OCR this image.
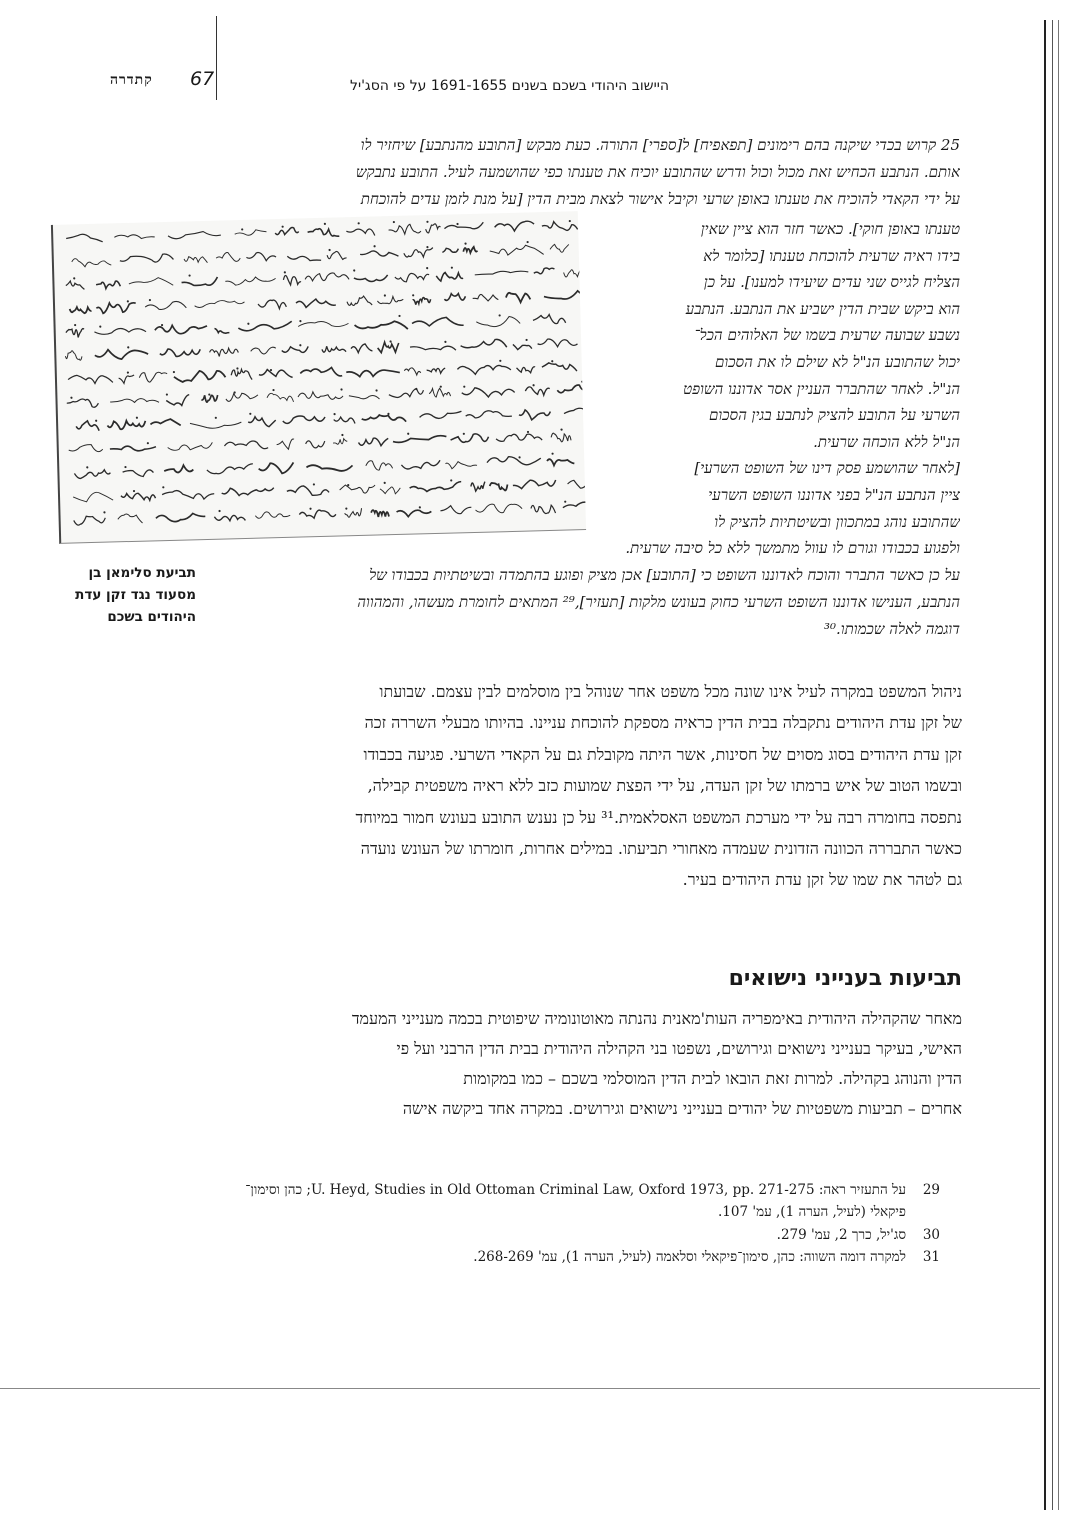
קתדרה 67	היישוב היהודי בשכם בשנים 1691-1655 על פי הסג'יל
25 קרוש בכדי שיקנה בהם רימונים [תפאפיח] ל[ספרי] התורה. כעת מבקש [התובע מהנתבע] שיחזיר לו
אותם. הנתבע הכחיש זאת מכול וכול ודרש שהתובע יוכיח את טענתו כפי שהושמעה לעיל. התובע נתבקש
על ידי הקאדי להוכיח את טענתו באופן שרעי וקיבל אישור לצאת מבית הדין [על מנת לזמן עדים להוכחת
טענתו באופן חוקי]. כאשר חזר הוא ציין שאין
בידו ראיה שרעית להוכחת טענתו [כלומר לא
הצליח לגייס שני עדים שיעידו למענו]. על כן
הוא ביקש שבית הדין ישביע את הנתבע. הנתבע
נשבע שבועה שרעית בשמו של האלוהים הכל־
יכול שהתובע הנ"ל לא שילם לו את הסכום
הנ"ל. לאחר שהתברר העניין אסר אדוננו השופט
השרעי על התובע להציק לנתבע בגין הסכום
הנ"ל ללא הוכחה שרעית.
[לאחר שהושמע פסק דינו של השופט השרעי]
ציין הנתבע הנ"ל בפני אדוננו השופט השרעי
שהתובע נוהג במתכוון ובשיטתיות להציק לו
ולפגוע בכבודו וגורם לו עוול מתמשך ללא כל סיבה שרעית.
על כן כאשר התברר והוכח לאדוננו השופט כי [התובע] אכן מציק ופוגע בהתמדה ובשיטתיות בכבודו של
הנתבע, הענישו אדוננו השופט השרעי כחוק בעונש מלקות [תעזיר],²⁹ המתאים לחומרת מעשהו, והמהווה
דוגמה לאלה שכמותו.³⁰
תביעת סלימאן בן
מסעוד נגד זקן עדת
היהודים בשכם
ניהול המשפט במקרה לעיל אינו שונה מכל משפט אחר שנוהל בין מוסלמים לבין עצמם. שבועתו
של זקן עדת היהודים נתקבלה בבית הדין כראיה מספקת להוכחת עניינו. בהיותו מבעלי השררה זכה
זקן עדת היהודים בסוג מסוים של חסינות, אשר היתה מקובלת גם על הקאדי השרעי. פגיעה בכבודו
ובשמו הטוב של איש ברמתו של זקן העדה, על ידי הפצת שמועות כזב ללא ראיה משפטית קבילה,
נתפסה בחומרה רבה על ידי מערכת המשפט האסלאמית.³¹ על כן נענש התובע בעונש חמור במיוחד
כאשר התבררה הכוונה הזדונית שעמדה מאחורי תביעתו. במילים אחרות, חומרתו של העונש נועדה
גם לטהר את שמו של זקן עדת היהודים בעיר.
תביעות בענייני נישואים
מאחר שהקהילה היהודית באימפריה העות'מאנית נהנתה מאוטונומיה שיפוטית בכמה מענייני המעמד
האישי, בעיקר בענייני נישואים וגירושים, נשפטו בני הקהילה היהודית בבית הדין הרבני ועל פי
הדין והנוהג בקהילה. למרות זאת הובאו לבית הדין המוסלמי בשכם – כמו במקומות
אחרים – תביעות משפטיות של יהודים בענייני נישואים וגירושים. במקרה אחד ביקשה אישה
29
על התעזיר ראה: U. Heyd, Studies in Old Ottoman Criminal Law, Oxford 1973, pp. 271-275; כהן וסימון־
פיקאלי (לעיל, הערה 1), עמ' 107.
30
סג'יל, כרך 2, עמ' 279.
31
למקרה דומה השווה: כהן, סימון־פיקאלי וסלאמה (לעיל, הערה 1), עמ' 268-269.
